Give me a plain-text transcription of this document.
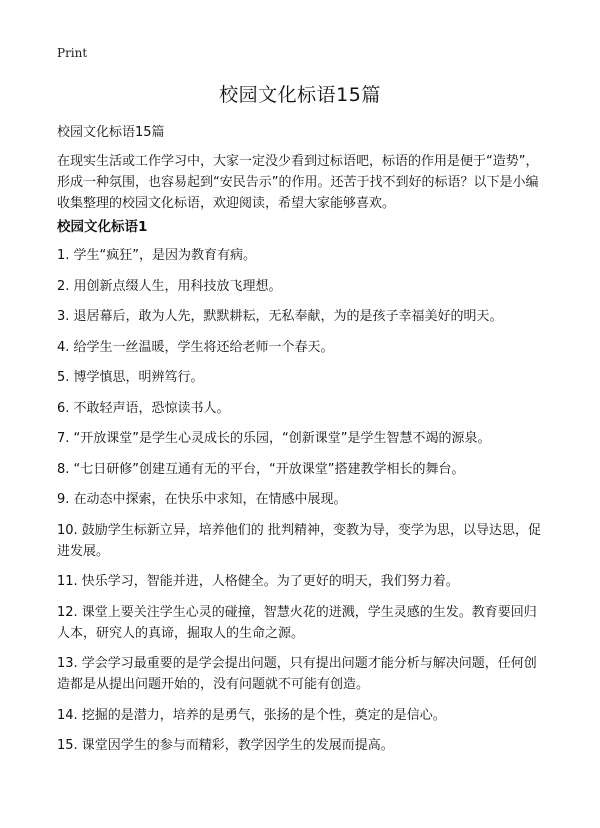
Print
校园文化标语15篇
校园文化标语15篇
在现实生活或工作学习中，大家一定没少看到过标语吧，标语的作用是便于“造势”，形成一种氛围，也容易起到“安民告示”的作用。还苦于找不到好的标语？以下是小编收集整理的校园文化标语，欢迎阅读，希望大家能够喜欢。
校园文化标语1
1. 学生“疯狂”，是因为教育有病。
2. 用创新点缀人生，用科技放飞理想。
3. 退居幕后，敢为人先，默默耕耘，无私奉献，为的是孩子幸福美好的明天。
4. 给学生一丝温暖，学生将还给老师一个春天。
5. 博学慎思，明辨笃行。
6. 不敢轻声语，恐惊读书人。
7. “开放课堂”是学生心灵成长的乐园，“创新课堂”是学生智慧不竭的源泉。
8. “七日研修”创建互通有无的平台，“开放课堂”搭建教学相长的舞台。
9. 在动态中探索，在快乐中求知，在情感中展现。
10. 鼓励学生标新立异，培养他们的 批判精神，变教为导，变学为思，以导达思，促进发展。
11. 快乐学习，智能并进，人格健全。为了更好的明天，我们努力着。
12. 课堂上要关注学生心灵的碰撞，智慧火花的迸溅，学生灵感的生发。教育要回归人本，研究人的真谛，掘取人的生命之源。
13. 学会学习最重要的是学会提出问题，只有提出问题才能分析与解决问题，任何创造都是从提出问题开始的，没有问题就不可能有创造。
14. 挖掘的是潜力，培养的是勇气，张扬的是个性，奠定的是信心。
15. 课堂因学生的参与而精彩，教学因学生的发展而提高。
